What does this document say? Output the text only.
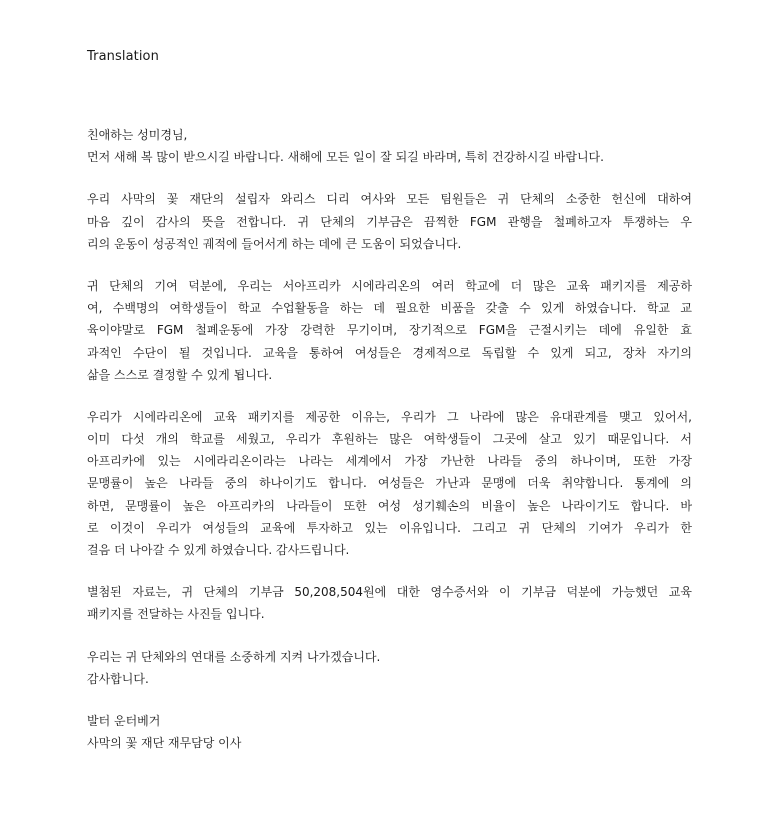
Translation
친애하는 성미경님,
먼저 새해 복 많이 받으시길 바랍니다. 새해에 모든 일이 잘 되길 바라며, 특히 건강하시길 바랍니다.
우리 사막의 꽃 재단의 설립자 와리스 디리 여사와 모든 팀원들은 귀 단체의 소중한 헌신에 대하여
마음 깊이 감사의 뜻을 전합니다. 귀 단체의 기부금은 끔찍한 FGM 관행을 철폐하고자 투쟁하는 우
리의 운동이 성공적인 궤적에 들어서게 하는 데에 큰 도움이 되었습니다.
귀 단체의 기여 덕분에, 우리는 서아프리카 시에라리온의 여러 학교에 더 많은 교육 패키지를 제공하
여, 수백명의 여학생들이 학교 수업활동을 하는 데 필요한 비품을 갖출 수 있게 하였습니다. 학교 교
육이야말로 FGM 철폐운동에 가장 강력한 무기이며, 장기적으로 FGM을 근절시키는 데에 유일한 효
과적인 수단이 될 것입니다. 교육을 통하여 여성들은 경제적으로 독립할 수 있게 되고, 장차 자기의
삶을 스스로 결정할 수 있게 됩니다.
우리가 시에라리온에 교육 패키지를 제공한 이유는, 우리가 그 나라에 많은 유대관계를 맺고 있어서,
이미 다섯 개의 학교를 세웠고, 우리가 후원하는 많은 여학생들이 그곳에 살고 있기 때문입니다. 서
아프리카에 있는 시에라리온이라는 나라는 세계에서 가장 가난한 나라들 중의 하나이며, 또한 가장
문맹률이 높은 나라들 중의 하나이기도 합니다. 여성들은 가난과 문맹에 더욱 취약합니다. 통계에 의
하면, 문맹률이 높은 아프리카의 나라들이 또한 여성 성기훼손의 비율이 높은 나라이기도 합니다. 바
로 이것이 우리가 여성들의 교육에 투자하고 있는 이유입니다. 그리고 귀 단체의 기여가 우리가 한
걸음 더 나아갈 수 있게 하였습니다. 감사드립니다.
별첨된 자료는, 귀 단체의 기부금 50,208,504원에 대한 영수증서와 이 기부금 덕분에 가능했던 교육
패키지를 전달하는 사진들 입니다.
우리는 귀 단체와의 연대를 소중하게 지켜 나가겠습니다.
감사합니다.
발터 운터베거
사막의 꽃 재단 재무담당 이사
